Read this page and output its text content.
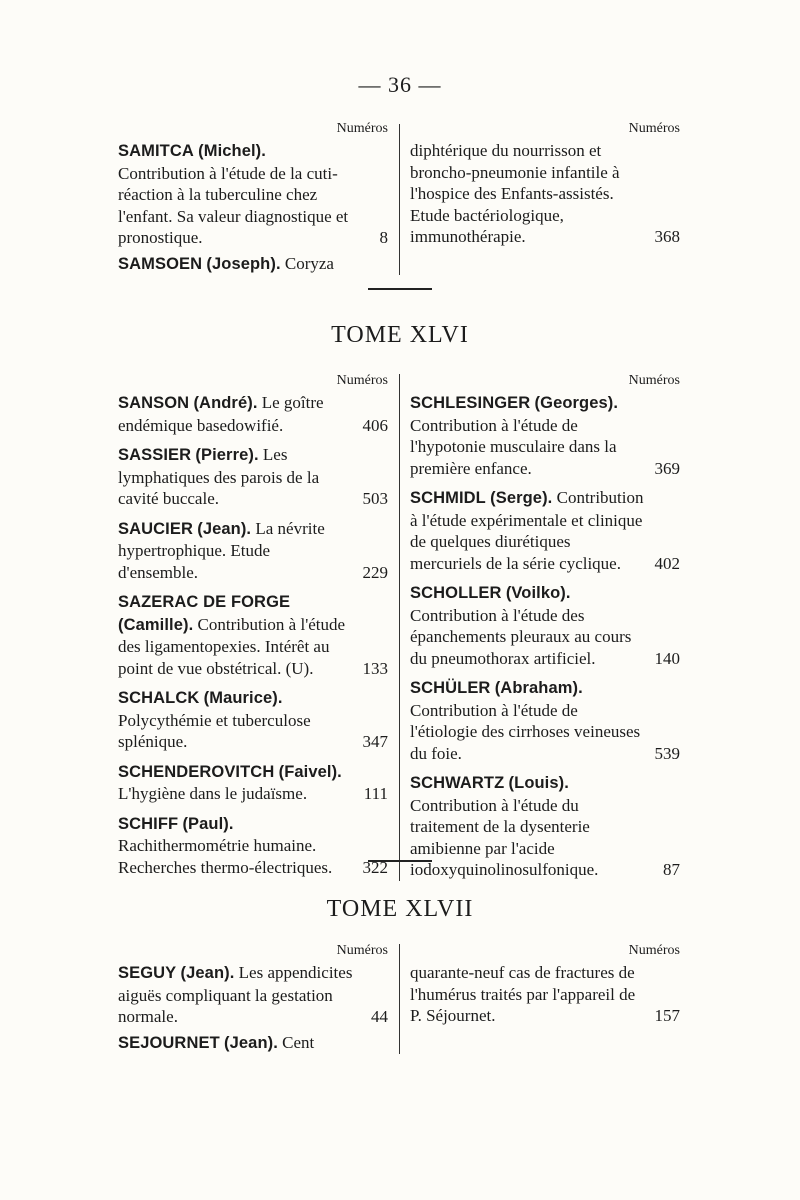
— 36 —
Numéros
SAMITCA (Michel). Contribution à l'étude de la cuti-réaction à la tuberculine chez l'enfant. Sa valeur diagnostique et pronostique.	8
SAMSOEN (Joseph). Coryza
Numéros
diphtérique du nourrisson et broncho-pneumonie infantile à l'hospice des Enfants-assistés. Etude bactériologique, immunothérapie.	368
TOME XLVI
Numéros
SANSON (André). Le goître endémique basedowifié.	406
SASSIER (Pierre). Les lymphatiques des parois de la cavité buccale.	503
SAUCIER (Jean). La névrite hypertrophique. Etude d'ensemble.	229
SAZERAC DE FORGE (Camille). Contribution à l'étude des ligamentopexies. Intérêt au point de vue obstétrical. (U).	133
SCHALCK (Maurice). Polycythémie et tuberculose splénique.	347
SCHENDEROVITCH (Faivel). L'hygiène dans le judaïsme.	111
SCHIFF (Paul). Rachithermométrie humaine. Recherches thermo-électriques.	322
Numéros
SCHLESINGER (Georges). Contribution à l'étude de l'hypotonie musculaire dans la première enfance.	369
SCHMIDL (Serge). Contribution à l'étude expérimentale et clinique de quelques diurétiques mercuriels de la série cyclique.	402
SCHOLLER (Voilko). Contribution à l'étude des épanchements pleuraux au cours du pneumothorax artificiel.	140
SCHÜLER (Abraham). Contribution à l'étude de l'étiologie des cirrhoses veineuses du foie.	539
SCHWARTZ (Louis). Contribution à l'étude du traitement de la dysenterie amibienne par l'acide iodoxyquinolinosulfonique.	87
TOME XLVII
Numéros
SEGUY (Jean). Les appendicites aiguës compliquant la gestation normale.	44
SEJOURNET (Jean). Cent
Numéros
quarante-neuf cas de fractures de l'humérus traités par l'appareil de P. Séjournet.	157
